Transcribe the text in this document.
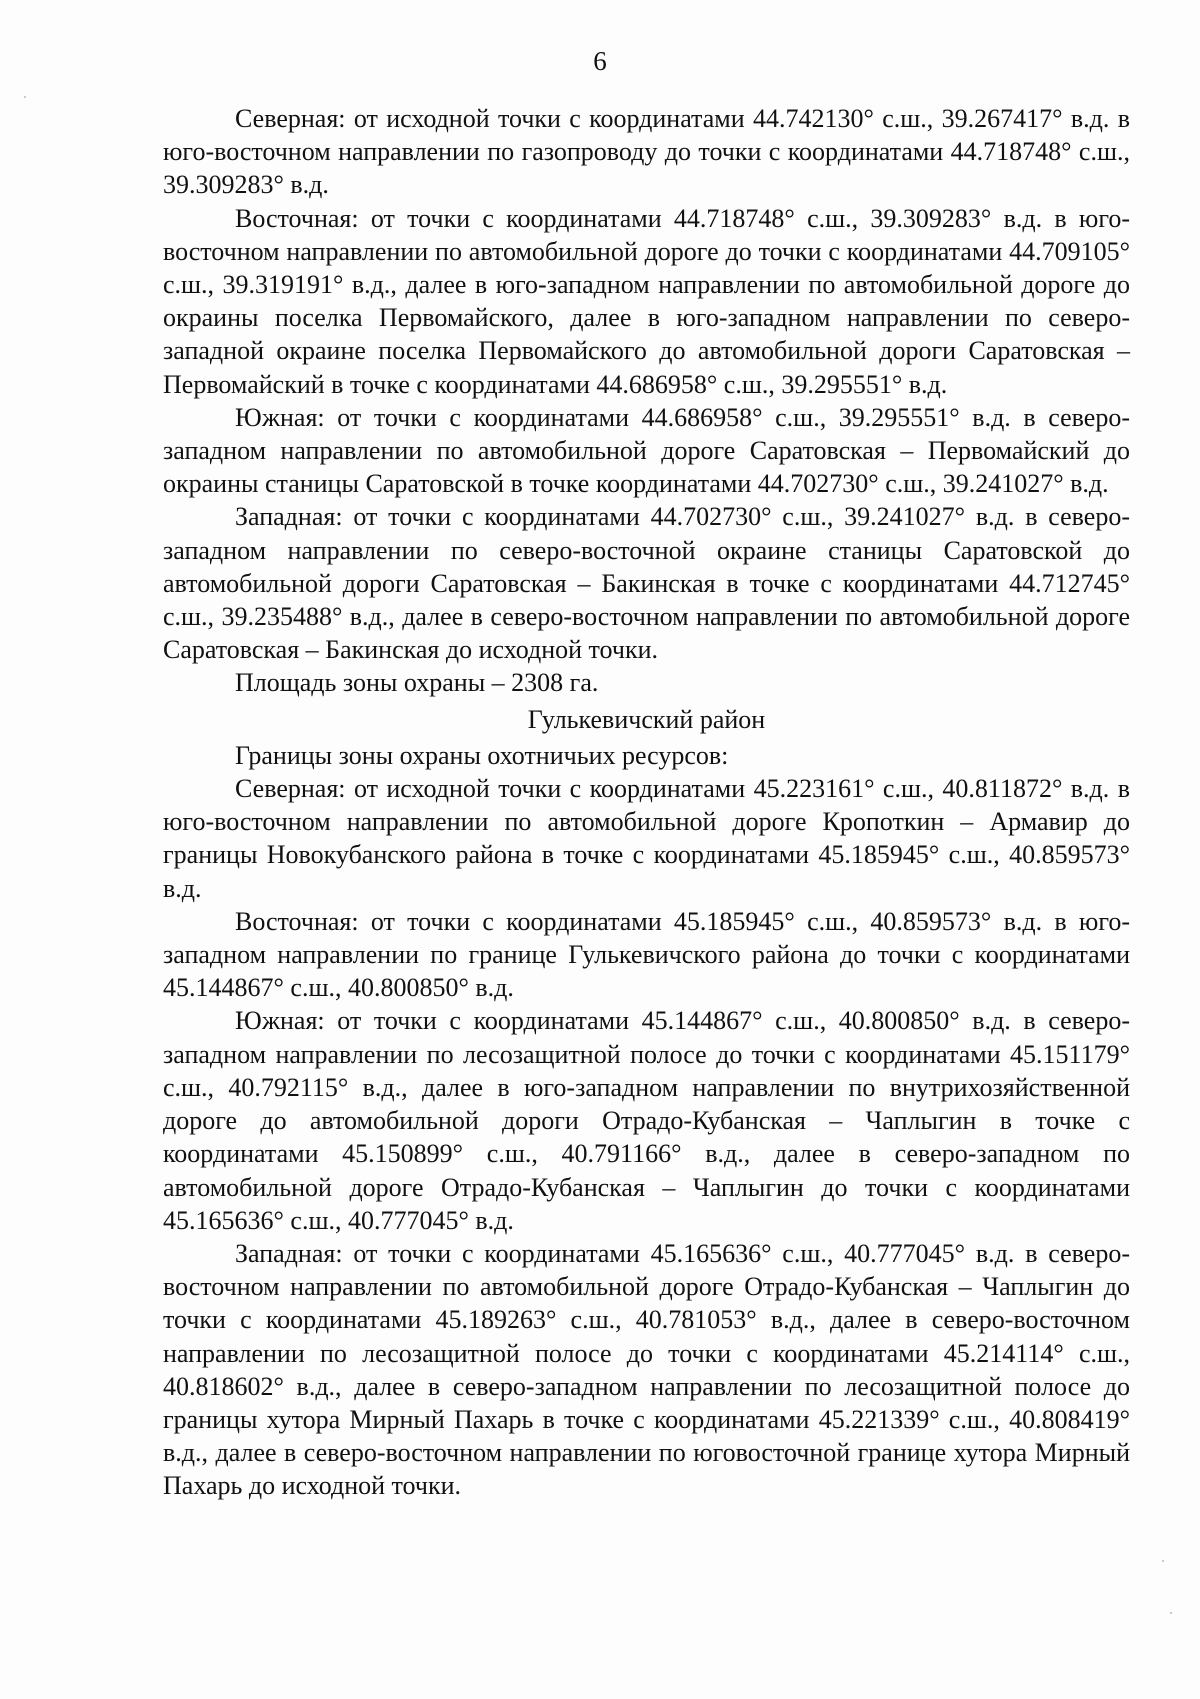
6

Северная: от исходной точки с координатами 44.742130° с.ш., 39.267417° в.д. в юго-восточном направлении по газопроводу до точки с координатами 44.718748° с.ш., 39.309283° в.д.

Восточная: от точки с координатами 44.718748° с.ш., 39.309283° в.д. в юго-восточном направлении по автомобильной дороге до точки с координатами 44.709105° с.ш., 39.319191° в.д., далее в юго-западном направлении по автомобильной дороге до окраины поселка Первомайского, далее в юго-западном направлении по северо-западной окраине поселка Первомайского до автомобильной дороги Саратовская – Первомайский в точке с координатами 44.686958° с.ш., 39.295551° в.д.

Южная: от точки с координатами 44.686958° с.ш., 39.295551° в.д. в северо-западном направлении по автомобильной дороге Саратовская – Первомайский до окраины станицы Саратовской в точке координатами 44.702730° с.ш., 39.241027° в.д.

Западная: от точки с координатами 44.702730° с.ш., 39.241027° в.д. в северо-западном направлении по северо-восточной окраине станицы Саратовской до автомобильной дороги Саратовская – Бакинская в точке с координатами 44.712745° с.ш., 39.235488° в.д., далее в северо-восточном направлении по автомобильной дороге Саратовская – Бакинская до исходной точки.

Площадь зоны охраны – 2308 га.

Гулькевичский район

Границы зоны охраны охотничьих ресурсов:

Северная: от исходной точки с координатами 45.223161° с.ш., 40.811872° в.д. в юго-восточном направлении по автомобильной дороге Кропоткин – Армавир до границы Новокубанского района в точке с координатами 45.185945° с.ш., 40.859573° в.д.

Восточная: от точки с координатами 45.185945° с.ш., 40.859573° в.д. в юго-западном направлении по границе Гулькевичского района до точки с координатами 45.144867° с.ш., 40.800850° в.д.

Южная: от точки с координатами 45.144867° с.ш., 40.800850° в.д. в северо-западном направлении по лесозащитной полосе до точки с координатами 45.151179° с.ш., 40.792115° в.д., далее в юго-западном направлении по внутрихозяйственной дороге до автомобильной дороги Отрадо-Кубанская – Чаплыгин в точке с координатами 45.150899° с.ш., 40.791166° в.д., далее в северо-западном по автомобильной дороге Отрадо-Кубанская – Чаплыгин до точки с координатами 45.165636° с.ш., 40.777045° в.д.

Западная: от точки с координатами 45.165636° с.ш., 40.777045° в.д. в северо-восточном направлении по автомобильной дороге Отрадо-Кубанская – Чаплыгин до точки с координатами 45.189263° с.ш., 40.781053° в.д., далее в северо-восточном направлении по лесозащитной полосе до точки с координатами 45.214114° с.ш., 40.818602° в.д., далее в северо-западном направлении по лесозащитной полосе до границы хутора Мирный Пахарь в точке с координатами 45.221339° с.ш., 40.808419° в.д., далее в северо-восточном направлении по юговосточной границе хутора Мирный Пахарь до исходной точки.
